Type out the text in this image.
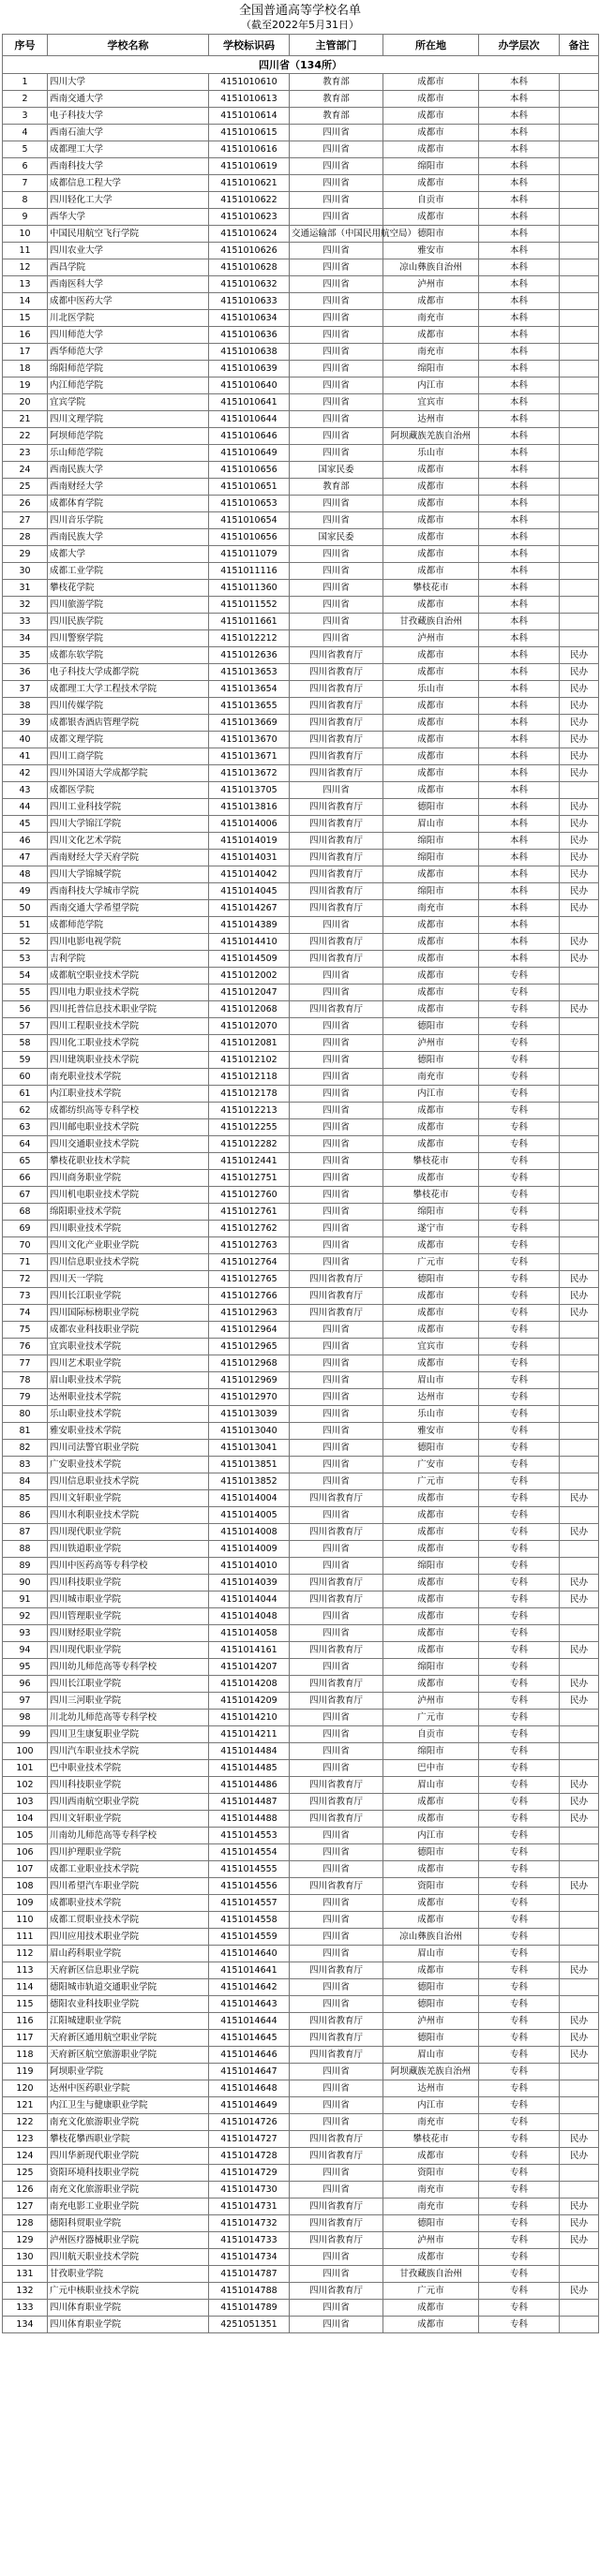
全国普通高等学校名单
（截至2022年5月31日）
序号	学校名称	学校标识码	主管部门	所在地	办学层次	备注
四川省（134所）						
1	四川大学	4151010610	教育部	成都市	本科	
2	西南交通大学	4151010613	教育部	成都市	本科	
3	电子科技大学	4151010614	教育部	成都市	本科	
4	西南石油大学	4151010615	四川省	成都市	本科	
5	成都理工大学	4151010616	四川省	成都市	本科	
6	西南科技大学	4151010619	四川省	绵阳市	本科	
7	成都信息工程大学	4151010621	四川省	成都市	本科	
8	四川轻化工大学	4151010622	四川省	自贡市	本科	
9	西华大学	4151010623	四川省	成都市	本科	
10	中国民用航空飞行学院	4151010624	交通运输部（中国民用航空局）	德阳市	本科	
11	四川农业大学	4151010626	四川省	雅安市	本科	
12	西昌学院	4151010628	四川省	凉山彝族自治州	本科	
13	西南医科大学	4151010632	四川省	泸州市	本科	
14	成都中医药大学	4151010633	四川省	成都市	本科	
15	川北医学院	4151010634	四川省	南充市	本科	
16	四川师范大学	4151010636	四川省	成都市	本科	
17	西华师范大学	4151010638	四川省	南充市	本科	
18	绵阳师范学院	4151010639	四川省	绵阳市	本科	
19	内江师范学院	4151010640	四川省	内江市	本科	
20	宜宾学院	4151010641	四川省	宜宾市	本科	
21	四川文理学院	4151010644	四川省	达州市	本科	
22	阿坝师范学院	4151010646	四川省	阿坝藏族羌族自治州	本科	
23	乐山师范学院	4151010649	四川省	乐山市	本科	
24	西南民族大学	4151010656	国家民委	成都市	本科	
25	西南财经大学	4151010651	教育部	成都市	本科	
26	成都体育学院	4151010653	四川省	成都市	本科	
27	四川音乐学院	4151010654	四川省	成都市	本科	
28	西南民族大学	4151010656	国家民委	成都市	本科	
29	成都大学	4151011079	四川省	成都市	本科	
30	成都工业学院	4151011116	四川省	成都市	本科	
31	攀枝花学院	4151011360	四川省	攀枝花市	本科	
32	四川旅游学院	4151011552	四川省	成都市	本科	
33	四川民族学院	4151011661	四川省	甘孜藏族自治州	本科	
34	四川警察学院	4151012212	四川省	泸州市	本科	
35	成都东软学院	4151012636	四川省教育厅	成都市	本科	民办
36	电子科技大学成都学院	4151013653	四川省教育厅	成都市	本科	民办
37	成都理工大学工程技术学院	4151013654	四川省教育厅	乐山市	本科	民办
38	四川传媒学院	4151013655	四川省教育厅	成都市	本科	民办
39	成都银杏酒店管理学院	4151013669	四川省教育厅	成都市	本科	民办
40	成都文理学院	4151013670	四川省教育厅	成都市	本科	民办
41	四川工商学院	4151013671	四川省教育厅	成都市	本科	民办
42	四川外国语大学成都学院	4151013672	四川省教育厅	成都市	本科	民办
43	成都医学院	4151013705	四川省	成都市	本科	
44	四川工业科技学院	4151013816	四川省教育厅	德阳市	本科	民办
45	四川大学锦江学院	4151014006	四川省教育厅	眉山市	本科	民办
46	四川文化艺术学院	4151014019	四川省教育厅	绵阳市	本科	民办
47	西南财经大学天府学院	4151014031	四川省教育厅	绵阳市	本科	民办
48	四川大学锦城学院	4151014042	四川省教育厅	成都市	本科	民办
49	西南科技大学城市学院	4151014045	四川省教育厅	绵阳市	本科	民办
50	西南交通大学希望学院	4151014267	四川省教育厅	南充市	本科	民办
51	成都师范学院	4151014389	四川省	成都市	本科	
52	四川电影电视学院	4151014410	四川省教育厅	成都市	本科	民办
53	吉利学院	4151014509	四川省教育厅	成都市	本科	民办
54	成都航空职业技术学院	4151012002	四川省	成都市	专科	
55	四川电力职业技术学院	4151012047	四川省	成都市	专科	
56	四川托普信息技术职业学院	4151012068	四川省教育厅	成都市	专科	民办
57	四川工程职业技术学院	4151012070	四川省	德阳市	专科	
58	四川化工职业技术学院	4151012081	四川省	泸州市	专科	
59	四川建筑职业技术学院	4151012102	四川省	德阳市	专科	
60	南充职业技术学院	4151012118	四川省	南充市	专科	
61	内江职业技术学院	4151012178	四川省	内江市	专科	
62	成都纺织高等专科学校	4151012213	四川省	成都市	专科	
63	四川邮电职业技术学院	4151012255	四川省	成都市	专科	
64	四川交通职业技术学院	4151012282	四川省	成都市	专科	
65	攀枝花职业技术学院	4151012441	四川省	攀枝花市	专科	
66	四川商务职业学院	4151012751	四川省	成都市	专科	
67	四川机电职业技术学院	4151012760	四川省	攀枝花市	专科	
68	绵阳职业技术学院	4151012761	四川省	绵阳市	专科	
69	四川职业技术学院	4151012762	四川省	遂宁市	专科	
70	四川文化产业职业学院	4151012763	四川省	成都市	专科	
71	四川信息职业技术学院	4151012764	四川省	广元市	专科	
72	四川天一学院	4151012765	四川省教育厅	德阳市	专科	民办
73	四川长江职业学院	4151012766	四川省教育厅	成都市	专科	民办
74	四川国际标榜职业学院	4151012963	四川省教育厅	成都市	专科	民办
75	成都农业科技职业学院	4151012964	四川省	成都市	专科	
76	宜宾职业技术学院	4151012965	四川省	宜宾市	专科	
77	四川艺术职业学院	4151012968	四川省	成都市	专科	
78	眉山职业技术学院	4151012969	四川省	眉山市	专科	
79	达州职业技术学院	4151012970	四川省	达州市	专科	
80	乐山职业技术学院	4151013039	四川省	乐山市	专科	
81	雅安职业技术学院	4151013040	四川省	雅安市	专科	
82	四川司法警官职业学院	4151013041	四川省	德阳市	专科	
83	广安职业技术学院	4151013851	四川省	广安市	专科	
84	四川信息职业技术学院	4151013852	四川省	广元市	专科	
85	四川文轩职业学院	4151014004	四川省教育厅	成都市	专科	民办
86	四川水利职业技术学院	4151014005	四川省	成都市	专科	
87	四川现代职业学院	4151014008	四川省教育厅	成都市	专科	民办
88	四川铁道职业学院	4151014009	四川省	成都市	专科	
89	四川中医药高等专科学校	4151014010	四川省	绵阳市	专科	
90	四川科技职业学院	4151014039	四川省教育厅	成都市	专科	民办
91	四川城市职业学院	4151014044	四川省教育厅	成都市	专科	民办
92	四川管理职业学院	4151014048	四川省	成都市	专科	
93	四川财经职业学院	4151014058	四川省	成都市	专科	
94	四川现代职业学院	4151014161	四川省教育厅	成都市	专科	民办
95	四川幼儿师范高等专科学校	4151014207	四川省	绵阳市	专科	
96	四川长江职业学院	4151014208	四川省教育厅	成都市	专科	民办
97	四川三河职业学院	4151014209	四川省教育厅	泸州市	专科	民办
98	川北幼儿师范高等专科学校	4151014210	四川省	广元市	专科	
99	四川卫生康复职业学院	4151014211	四川省	自贡市	专科	
100	四川汽车职业技术学院	4151014484	四川省	绵阳市	专科	
101	巴中职业技术学院	4151014485	四川省	巴中市	专科	
102	四川科技职业学院	4151014486	四川省教育厅	眉山市	专科	民办
103	四川西南航空职业学院	4151014487	四川省教育厅	成都市	专科	民办
104	四川文轩职业学院	4151014488	四川省教育厅	成都市	专科	民办
105	川南幼儿师范高等专科学校	4151014553	四川省	内江市	专科	
106	四川护理职业学院	4151014554	四川省	德阳市	专科	
107	成都工业职业技术学院	4151014555	四川省	成都市	专科	
108	四川希望汽车职业学院	4151014556	四川省教育厅	资阳市	专科	民办
109	成都职业技术学院	4151014557	四川省	成都市	专科	
110	成都工贸职业技术学院	4151014558	四川省	成都市	专科	
111	四川应用技术职业学院	4151014559	四川省	凉山彝族自治州	专科	
112	眉山药科职业学院	4151014640	四川省	眉山市	专科	
113	天府新区信息职业学院	4151014641	四川省教育厅	成都市	专科	民办
114	德阳城市轨道交通职业学院	4151014642	四川省	德阳市	专科	
115	德阳农业科技职业学院	4151014643	四川省	德阳市	专科	
116	江阳城建职业学院	4151014644	四川省教育厅	泸州市	专科	民办
117	天府新区通用航空职业学院	4151014645	四川省教育厅	德阳市	专科	民办
118	天府新区航空旅游职业学院	4151014646	四川省教育厅	眉山市	专科	民办
119	阿坝职业学院	4151014647	四川省	阿坝藏族羌族自治州	专科	
120	达州中医药职业学院	4151014648	四川省	达州市	专科	
121	内江卫生与健康职业学院	4151014649	四川省	内江市	专科	
122	南充文化旅游职业学院	4151014726	四川省	南充市	专科	
123	攀枝花攀西职业学院	4151014727	四川省教育厅	攀枝花市	专科	民办
124	四川华新现代职业学院	4151014728	四川省教育厅	成都市	专科	民办
125	资阳环境科技职业学院	4151014729	四川省	资阳市	专科	
126	南充文化旅游职业学院	4151014730	四川省	南充市	专科	
127	南充电影工业职业学院	4151014731	四川省教育厅	南充市	专科	民办
128	德阳科贸职业学院	4151014732	四川省教育厅	德阳市	专科	民办
129	泸州医疗器械职业学院	4151014733	四川省教育厅	泸州市	专科	民办
130	四川航天职业技术学院	4151014734	四川省	成都市	专科	
131	甘孜职业学院	4151014787	四川省	甘孜藏族自治州	专科	
132	广元中核职业技术学院	4151014788	四川省教育厅	广元市	专科	民办
133	四川体育职业学院	4151014789	四川省	成都市	专科	
134	四川体育职业学院	4251051351	四川省	成都市	专科	
